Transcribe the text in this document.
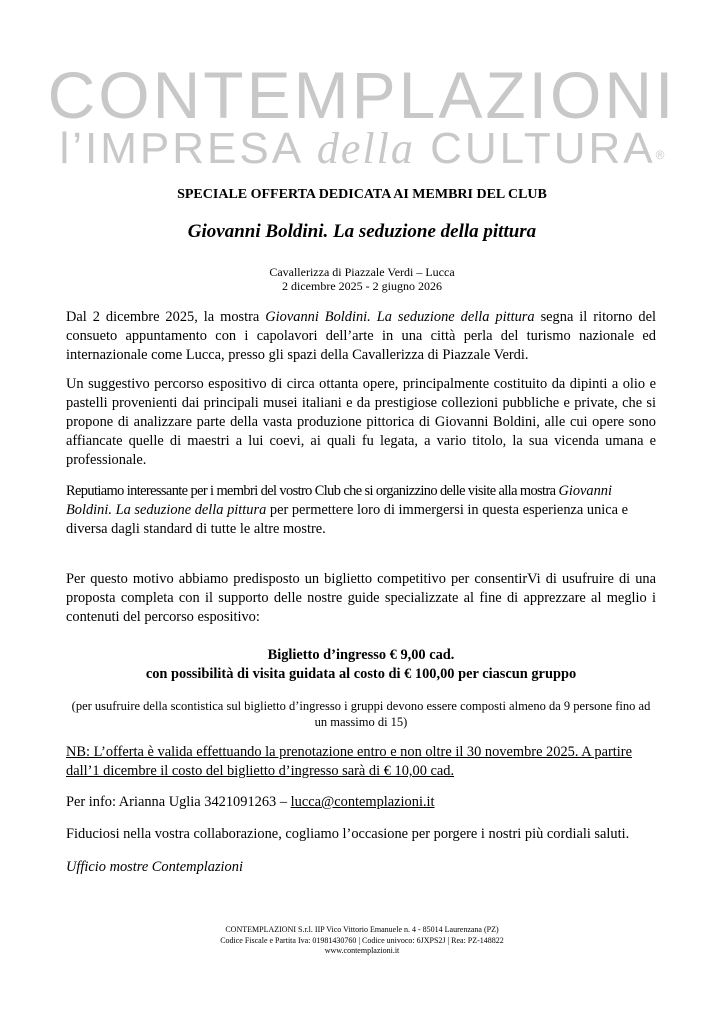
CONTEMPLAZIONI
l’IMPRESA della CULTURA®
SPECIALE OFFERTA DEDICATA AI MEMBRI DEL CLUB
Giovanni Boldini. La seduzione della pittura
Cavallerizza di Piazzale Verdi – Lucca
2 dicembre 2025 - 2 giugno 2026
Dal 2 dicembre 2025, la mostra Giovanni Boldini. La seduzione della pittura segna il ritorno del consueto appuntamento con i capolavori dell’arte in una città perla del turismo nazionale ed internazionale come Lucca, presso gli spazi della Cavallerizza di Piazzale Verdi.
Un suggestivo percorso espositivo di circa ottanta opere, principalmente costituito da dipinti a olio e pastelli provenienti dai principali musei italiani e da prestigiose collezioni pubbliche e private, che si propone di analizzare parte della vasta produzione pittorica di Giovanni Boldini, alle cui opere sono affiancate quelle di maestri a lui coevi, ai quali fu legata, a vario titolo, la sua vicenda umana e professionale.
Reputiamo interessante per i membri del vostro Club che si organizzino delle visite alla mostra Giovanni Boldini. La seduzione della pittura per permettere loro di immergersi in questa esperienza unica e diversa dagli standard di tutte le altre mostre.
Per questo motivo abbiamo predisposto un biglietto competitivo per consentirVi di usufruire di una proposta completa con il supporto delle nostre guide specializzate al fine di apprezzare al meglio i contenuti del percorso espositivo:
Biglietto d’ingresso € 9,00 cad.
con possibilità di visita guidata al costo di € 100,00 per ciascun gruppo
(per usufruire della scontistica sul biglietto d’ingresso i gruppi devono essere composti almeno da 9 persone fino ad un massimo di 15)
NB: L’offerta è valida effettuando la prenotazione entro e non oltre il 30 novembre 2025. A partire dall’1 dicembre il costo del biglietto d’ingresso sarà di € 10,00 cad.
Per info: Arianna Uglia 3421091263 – lucca@contemplazioni.it
Fiduciosi nella vostra collaborazione, cogliamo l’occasione per porgere i nostri più cordiali saluti.
Ufficio mostre Contemplazioni
CONTEMPLAZIONI S.r.l. IIP Vico Vittorio Emanuele n. 4 - 85014 Laurenzana (PZ)
Codice Fiscale e Partita Iva: 01981430760 | Codice univoco: 6JXPS2J | Rea: PZ-148822
www.contemplazioni.it
